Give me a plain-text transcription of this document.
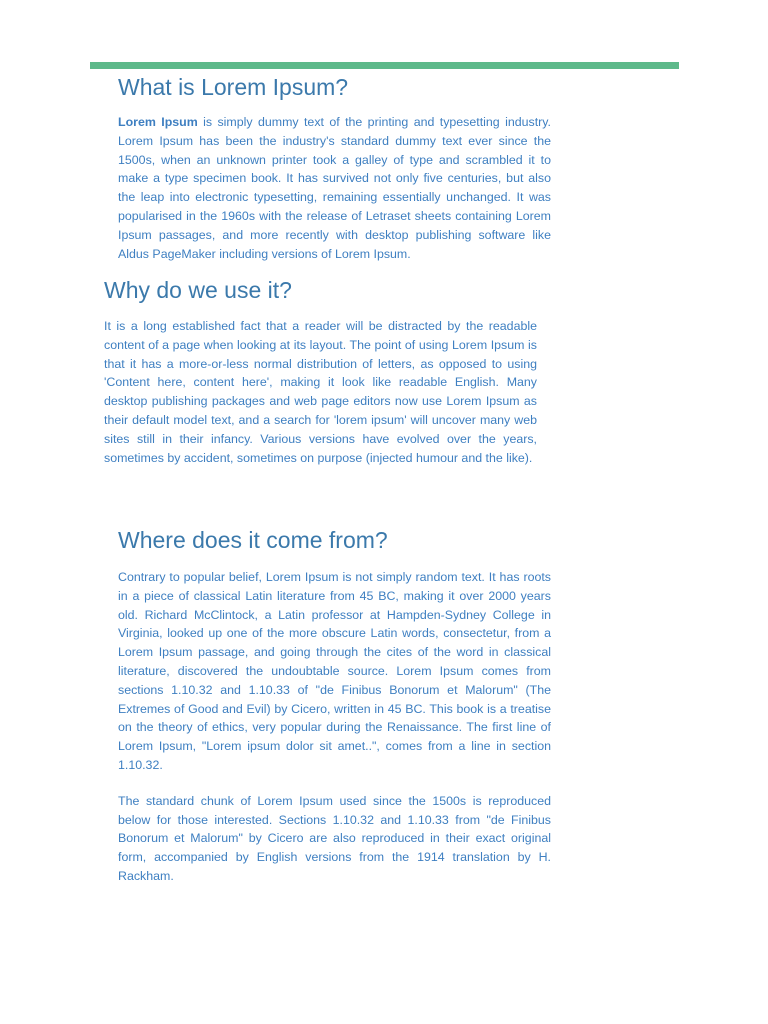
What is Lorem Ipsum?

Lorem Ipsum is simply dummy text of the printing and typesetting industry. Lorem Ipsum has been the industry's standard dummy text ever since the 1500s, when an unknown printer took a galley of type and scrambled it to make a type specimen book. It has survived not only five centuries, but also the leap into electronic typesetting, remaining essentially unchanged. It was popularised in the 1960s with the release of Letraset sheets containing Lorem Ipsum passages, and more recently with desktop publishing software like Aldus PageMaker including versions of Lorem Ipsum.

Why do we use it?

It is a long established fact that a reader will be distracted by the readable content of a page when looking at its layout. The point of using Lorem Ipsum is that it has a more-or-less normal distribution of letters, as opposed to using 'Content here, content here', making it look like readable English. Many desktop publishing packages and web page editors now use Lorem Ipsum as their default model text, and a search for 'lorem ipsum' will uncover many web sites still in their infancy. Various versions have evolved over the years, sometimes by accident, sometimes on purpose (injected humour and the like).

Where does it come from?

Contrary to popular belief, Lorem Ipsum is not simply random text. It has roots in a piece of classical Latin literature from 45 BC, making it over 2000 years old. Richard McClintock, a Latin professor at Hampden-Sydney College in Virginia, looked up one of the more obscure Latin words, consectetur, from a Lorem Ipsum passage, and going through the cites of the word in classical literature, discovered the undoubtable source. Lorem Ipsum comes from sections 1.10.32 and 1.10.33 of "de Finibus Bonorum et Malorum" (The Extremes of Good and Evil) by Cicero, written in 45 BC. This book is a treatise on the theory of ethics, very popular during the Renaissance. The first line of Lorem Ipsum, "Lorem ipsum dolor sit amet..", comes from a line in section 1.10.32.

The standard chunk of Lorem Ipsum used since the 1500s is reproduced below for those interested. Sections 1.10.32 and 1.10.33 from "de Finibus Bonorum et Malorum" by Cicero are also reproduced in their exact original form, accompanied by English versions from the 1914 translation by H. Rackham.
